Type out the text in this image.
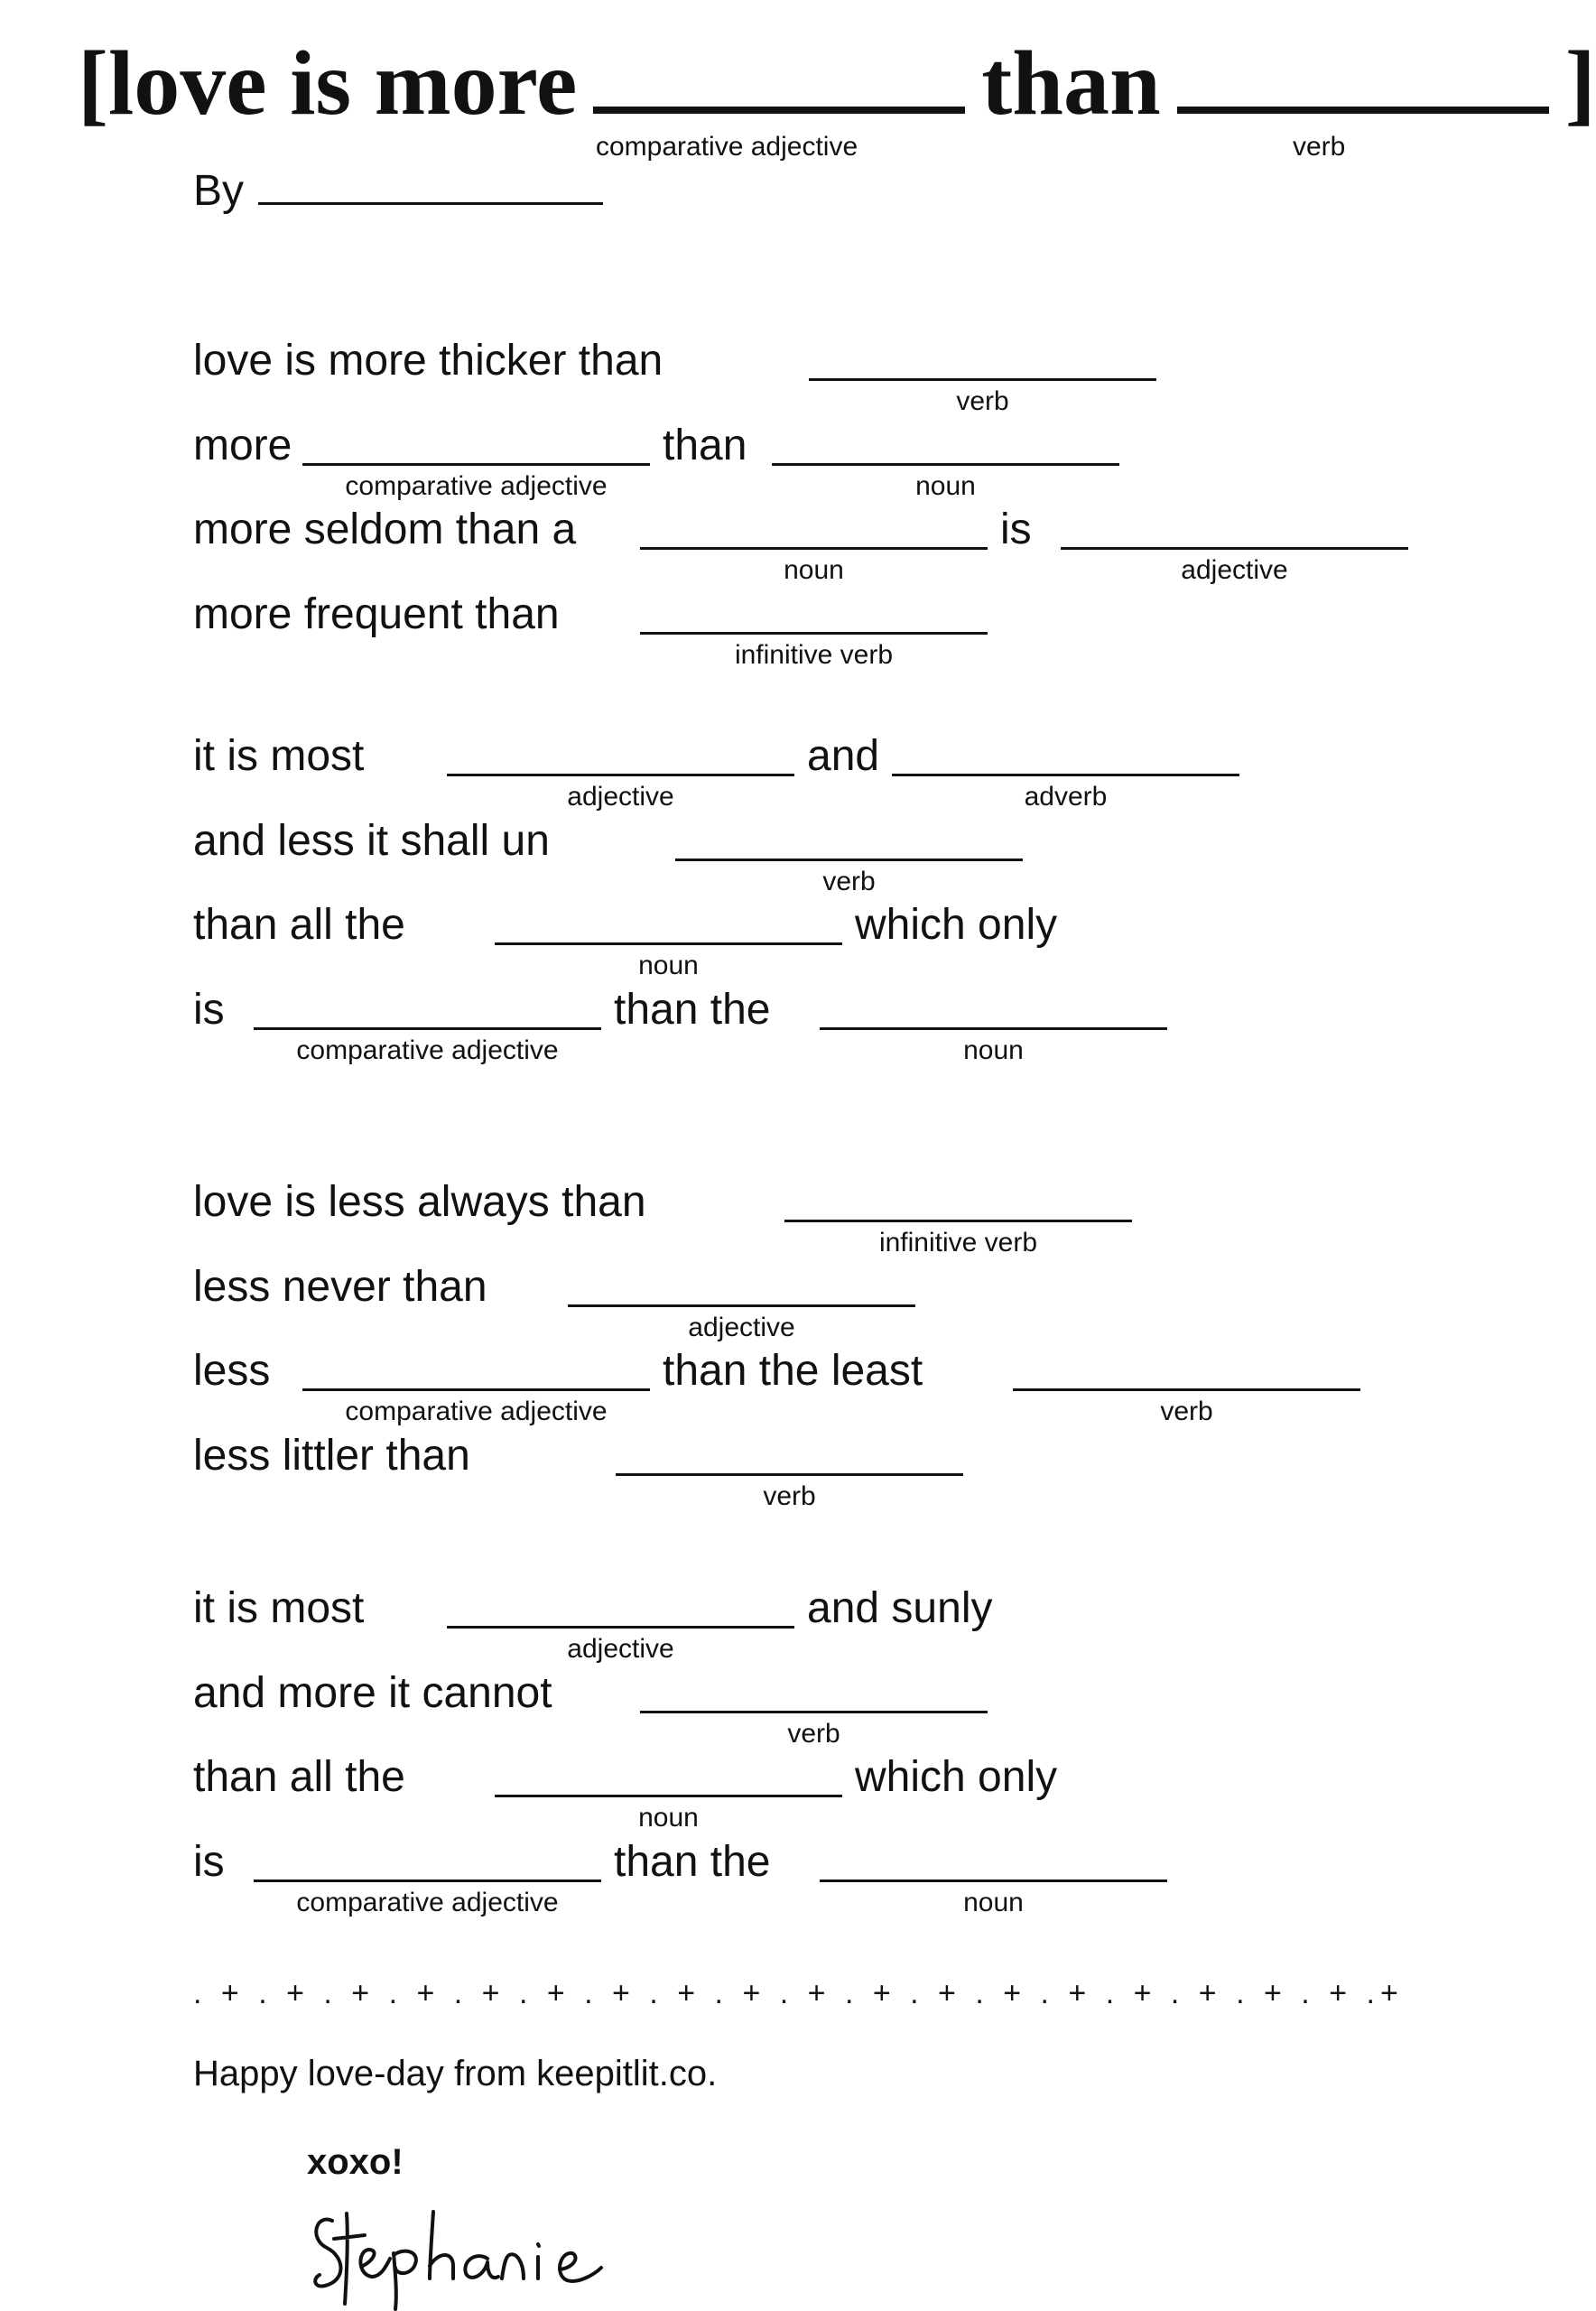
[love is more	than	]
comparative adjective	verb
By
love is more thicker than
verb
more
comparative adjective
than
noun
more seldom than a
noun
is
adjective
more frequent than
infinitive verb
it is most
adjective
and
adverb
and less it shall un
verb
than all the
noun
which only
is
comparative adjective
than the
noun
love is less always than
infinitive verb
less never than
adjective
less
comparative adjective
than the least
verb
less littler than
verb
it is most
adjective
and sunly
and more it cannot
verb
than all the
noun
which only
is
comparative adjective
than the
noun
. + . + . + . + . + . + . + . + . + . + . + . + . + . + . + . + . + . + .+
Happy love-day from keepitlit.co.
xoxo!
